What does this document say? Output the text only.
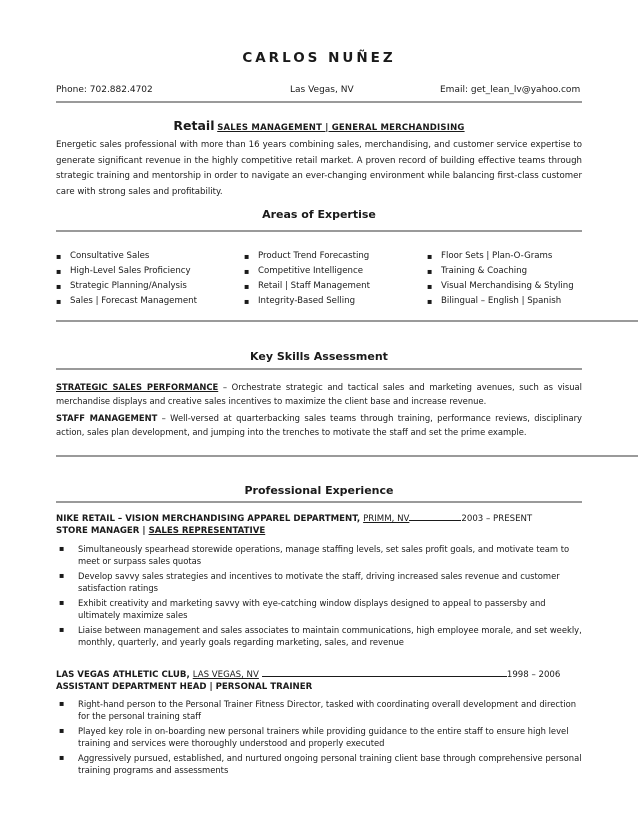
CARLOS NUÑEZ
Phone: 702.882.4702	Las Vegas, NV	Email: get_lean_lv@yahoo.com
Retail SALES MANAGEMENT | GENERAL MERCHANDISING
Energetic sales professional with more than 16 years combining sales, merchandising, and customer service expertise to generate significant revenue in the highly competitive retail market. A proven record of building effective teams through strategic training and mentorship in order to navigate an ever-changing environment while balancing first-class customer care with strong sales and profitability.
Areas of Expertise
▪ Consultative Sales
▪ High-Level Sales Proficiency
▪ Strategic Planning/Analysis
▪ Sales | Forecast Management
▪ Product Trend Forecasting
▪ Competitive Intelligence
▪ Retail | Staff Management
▪ Integrity-Based Selling
▪ Floor Sets | Plan-O-Grams
▪ Training & Coaching
▪ Visual Merchandising & Styling
▪ Bilingual – English | Spanish
Key Skills Assessment
STRATEGIC SALES PERFORMANCE – Orchestrate strategic and tactical sales and marketing avenues, such as visual merchandise displays and creative sales incentives to maximize the client base and increase revenue.
STAFF MANAGEMENT – Well-versed at quarterbacking sales teams through training, performance reviews, disciplinary action, sales plan development, and jumping into the trenches to motivate the staff and set the prime example.
Professional Experience
NIKE RETAIL – VISION MERCHANDISING APPAREL DEPARTMENT, PRIMM, NV	2003 – PRESENT
STORE MANAGER | SALES REPRESENTATIVE
▪ Simultaneously spearhead storewide operations, manage staffing levels, set sales profit goals, and motivate team to meet or surpass sales quotas
▪ Develop savvy sales strategies and incentives to motivate the staff, driving increased sales revenue and customer satisfaction ratings
▪ Exhibit creativity and marketing savvy with eye-catching window displays designed to appeal to passersby and ultimately maximize sales
▪ Liaise between management and sales associates to maintain communications, high employee morale, and set weekly, monthly, quarterly, and yearly goals regarding marketing, sales, and revenue
LAS VEGAS ATHLETIC CLUB, LAS VEGAS, NV	1998 – 2006
ASSISTANT DEPARTMENT HEAD | PERSONAL TRAINER
▪ Right-hand person to the Personal Trainer Fitness Director, tasked with coordinating overall development and direction for the personal training staff
▪ Played key role in on-boarding new personal trainers while providing guidance to the entire staff to ensure high level training and services were thoroughly understood and properly executed
▪ Aggressively pursued, established, and nurtured ongoing personal training client base through comprehensive personal training programs and assessments
